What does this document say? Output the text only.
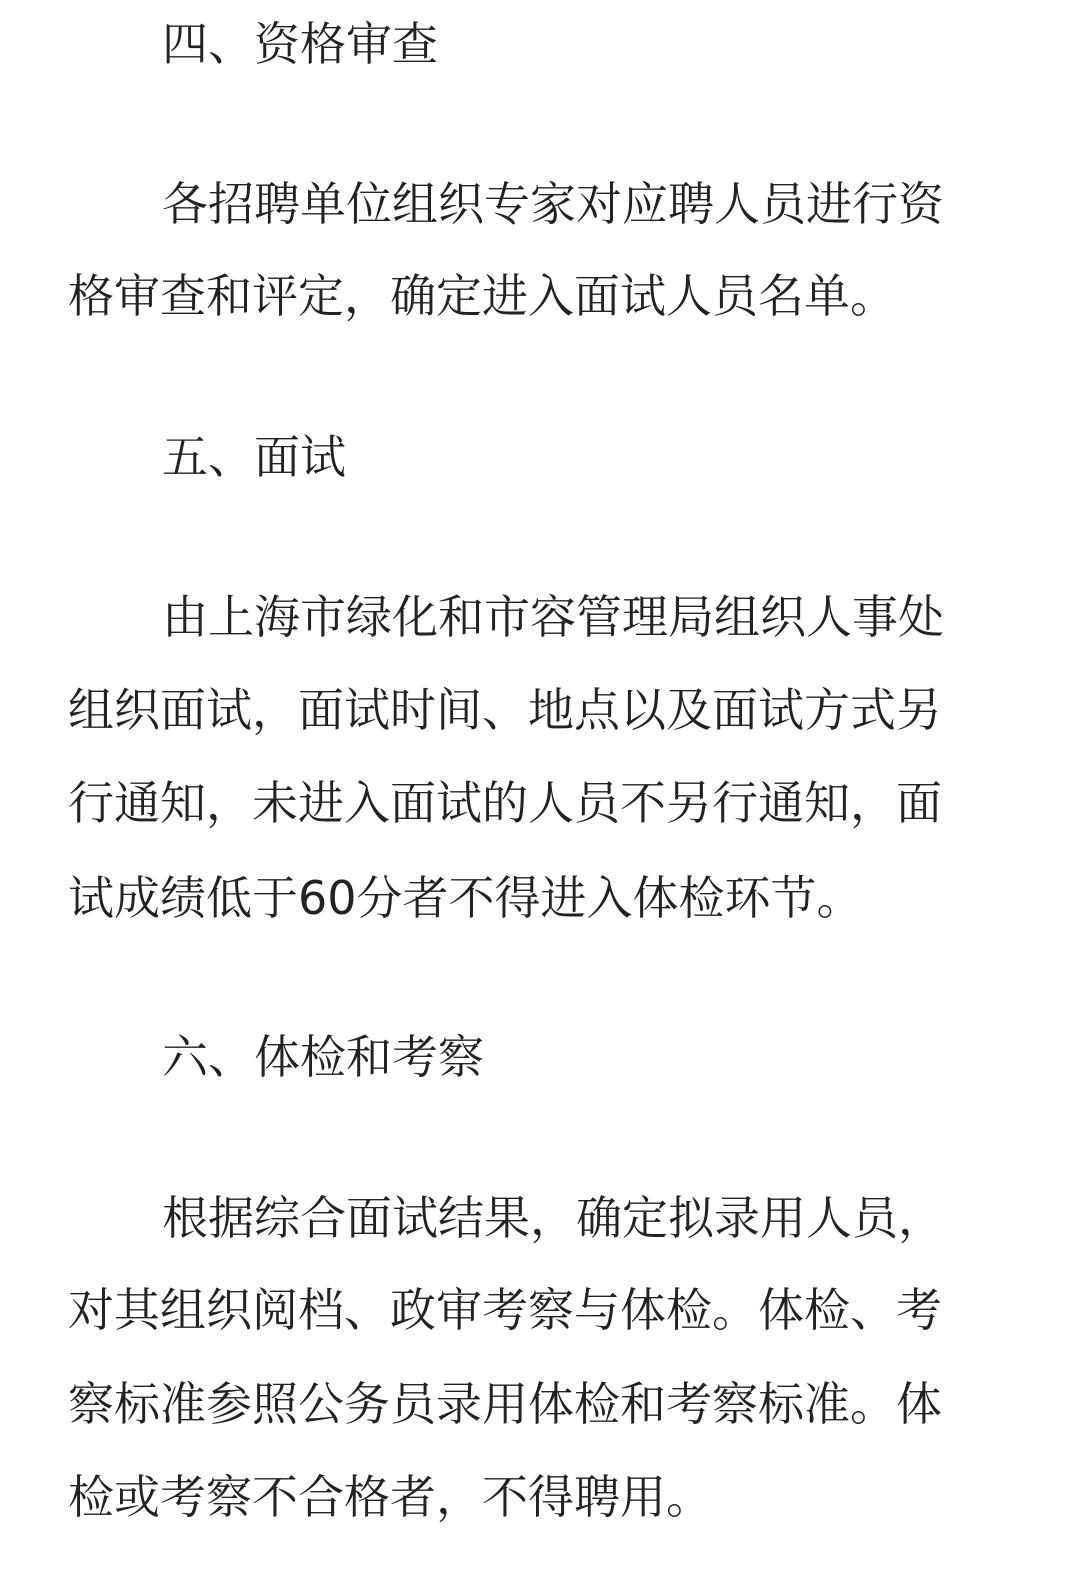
四、资格审查
各招聘单位组织专家对应聘人员进行资
格审查和评定，确定进入面试人员名单。
五、面试
由上海市绿化和市容管理局组织人事处
组织面试，面试时间、地点以及面试方式另
行通知，未进入面试的人员不另行通知，面
试成绩低于60分者不得进入体检环节。
六、体检和考察
根据综合面试结果，确定拟录用人员，
对其组织阅档、政审考察与体检。体检、考
察标准参照公务员录用体检和考察标准。体
检或考察不合格者，不得聘用。
